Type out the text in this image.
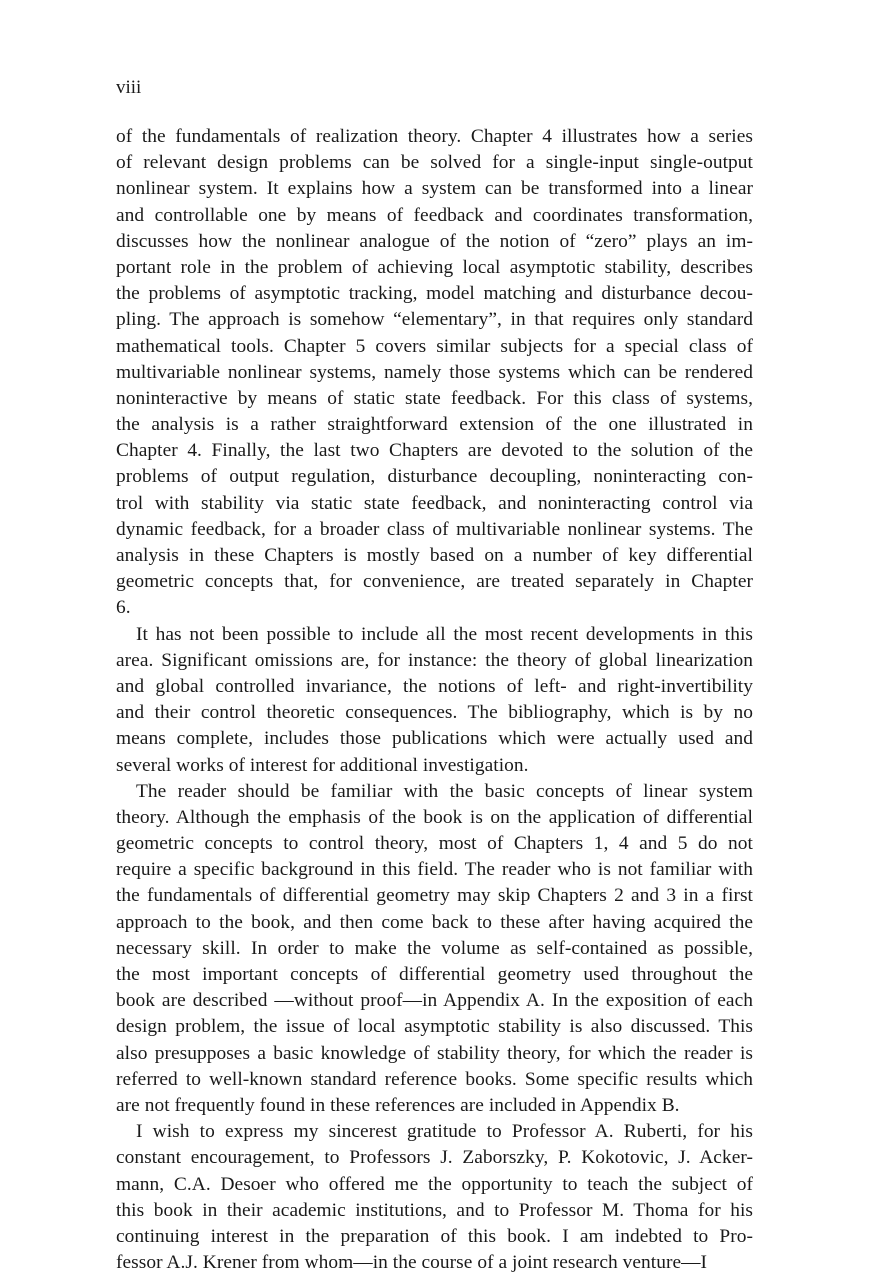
viii
of the fundamentals of realization theory. Chapter 4 illustrates how a series
of relevant design problems can be solved for a single-input single-output
nonlinear system. It explains how a system can be transformed into a linear
and controllable one by means of feedback and coordinates transformation,
discusses how the nonlinear analogue of the notion of “zero” plays an im-
portant role in the problem of achieving local asymptotic stability, describes
the problems of asymptotic tracking, model matching and disturbance decou-
pling. The approach is somehow “elementary”, in that requires only standard
mathematical tools. Chapter 5 covers similar subjects for a special class of
multivariable nonlinear systems, namely those systems which can be rendered
noninteractive by means of static state feedback. For this class of systems,
the analysis is a rather straightforward extension of the one illustrated in
Chapter 4. Finally, the last two Chapters are devoted to the solution of the
problems of output regulation, disturbance decoupling, noninteracting con-
trol with stability via static state feedback, and noninteracting control via
dynamic feedback, for a broader class of multivariable nonlinear systems. The
analysis in these Chapters is mostly based on a number of key differential
geometric concepts that, for convenience, are treated separately in Chapter
6.
It has not been possible to include all the most recent developments in this
area. Significant omissions are, for instance: the theory of global linearization
and global controlled invariance, the notions of left- and right-invertibility
and their control theoretic consequences. The bibliography, which is by no
means complete, includes those publications which were actually used and
several works of interest for additional investigation.
The reader should be familiar with the basic concepts of linear system
theory. Although the emphasis of the book is on the application of differential
geometric concepts to control theory, most of Chapters 1, 4 and 5 do not
require a specific background in this field. The reader who is not familiar with
the fundamentals of differential geometry may skip Chapters 2 and 3 in a first
approach to the book, and then come back to these after having acquired the
necessary skill. In order to make the volume as self-contained as possible,
the most important concepts of differential geometry used throughout the
book are described —without proof—in Appendix A. In the exposition of each
design problem, the issue of local asymptotic stability is also discussed. This
also presupposes a basic knowledge of stability theory, for which the reader is
referred to well-known standard reference books. Some specific results which
are not frequently found in these references are included in Appendix B.
I wish to express my sincerest gratitude to Professor A. Ruberti, for his
constant encouragement, to Professors J. Zaborszky, P. Kokotovic, J. Acker-
mann, C.A. Desoer who offered me the opportunity to teach the subject of
this book in their academic institutions, and to Professor M. Thoma for his
continuing interest in the preparation of this book. I am indebted to Pro-
fessor A.J. Krener from whom—in the course of a joint research venture—I
